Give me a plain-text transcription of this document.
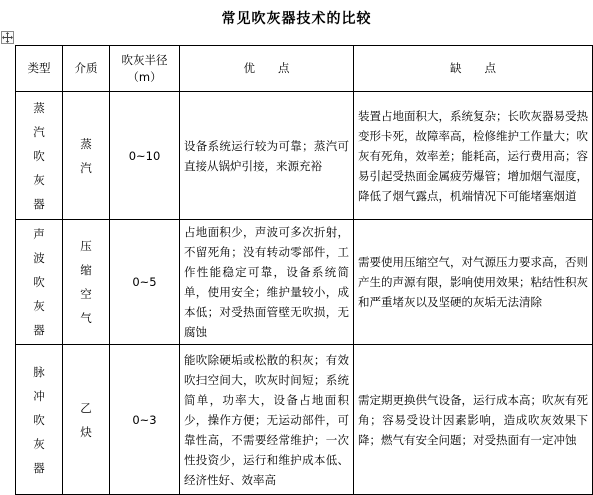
常见吹灰器技术的比较
类型	介质	吹灰半径（m）	优　　点	缺　　点
蒸汽吹灰器	蒸汽	0~10	设备系统运行较为可靠；蒸汽可直接从锅炉引接，来源充裕	装置占地面积大，系统复杂；长吹灰器易受热变形卡死，故障率高，检修维护工作量大；吹灰有死角，效率差；能耗高，运行费用高；容易引起受热面金属疲劳爆管；增加烟气湿度，降低了烟气露点，机端情况下可能堵塞烟道
声波吹灰器	压缩空气	0~5	占地面积少，声波可多次折射，不留死角；没有转动零部件，工作性能稳定可靠，设备系统简单，使用安全；维护量较小，成本低；对受热面管壁无吹损，无腐蚀	需要使用压缩空气，对气源压力要求高，否则产生的声源有限，影响使用效果；粘结性积灰和严重堵灰以及坚硬的灰垢无法清除
脉冲吹灰器	乙炔	0~3	能吹除硬垢或松散的积灰；有效吹扫空间大，吹灰时间短；系统简单，功率大，设备占地面积少，操作方便；无运动部件，可靠性高，不需要经常维护；一次性投资少，运行和维护成本低、经济性好、效率高	需定期更换供气设备，运行成本高；吹灰有死角；容易受设计因素影响，造成吹灰效果下降；燃气有安全问题；对受热面有一定冲蚀
